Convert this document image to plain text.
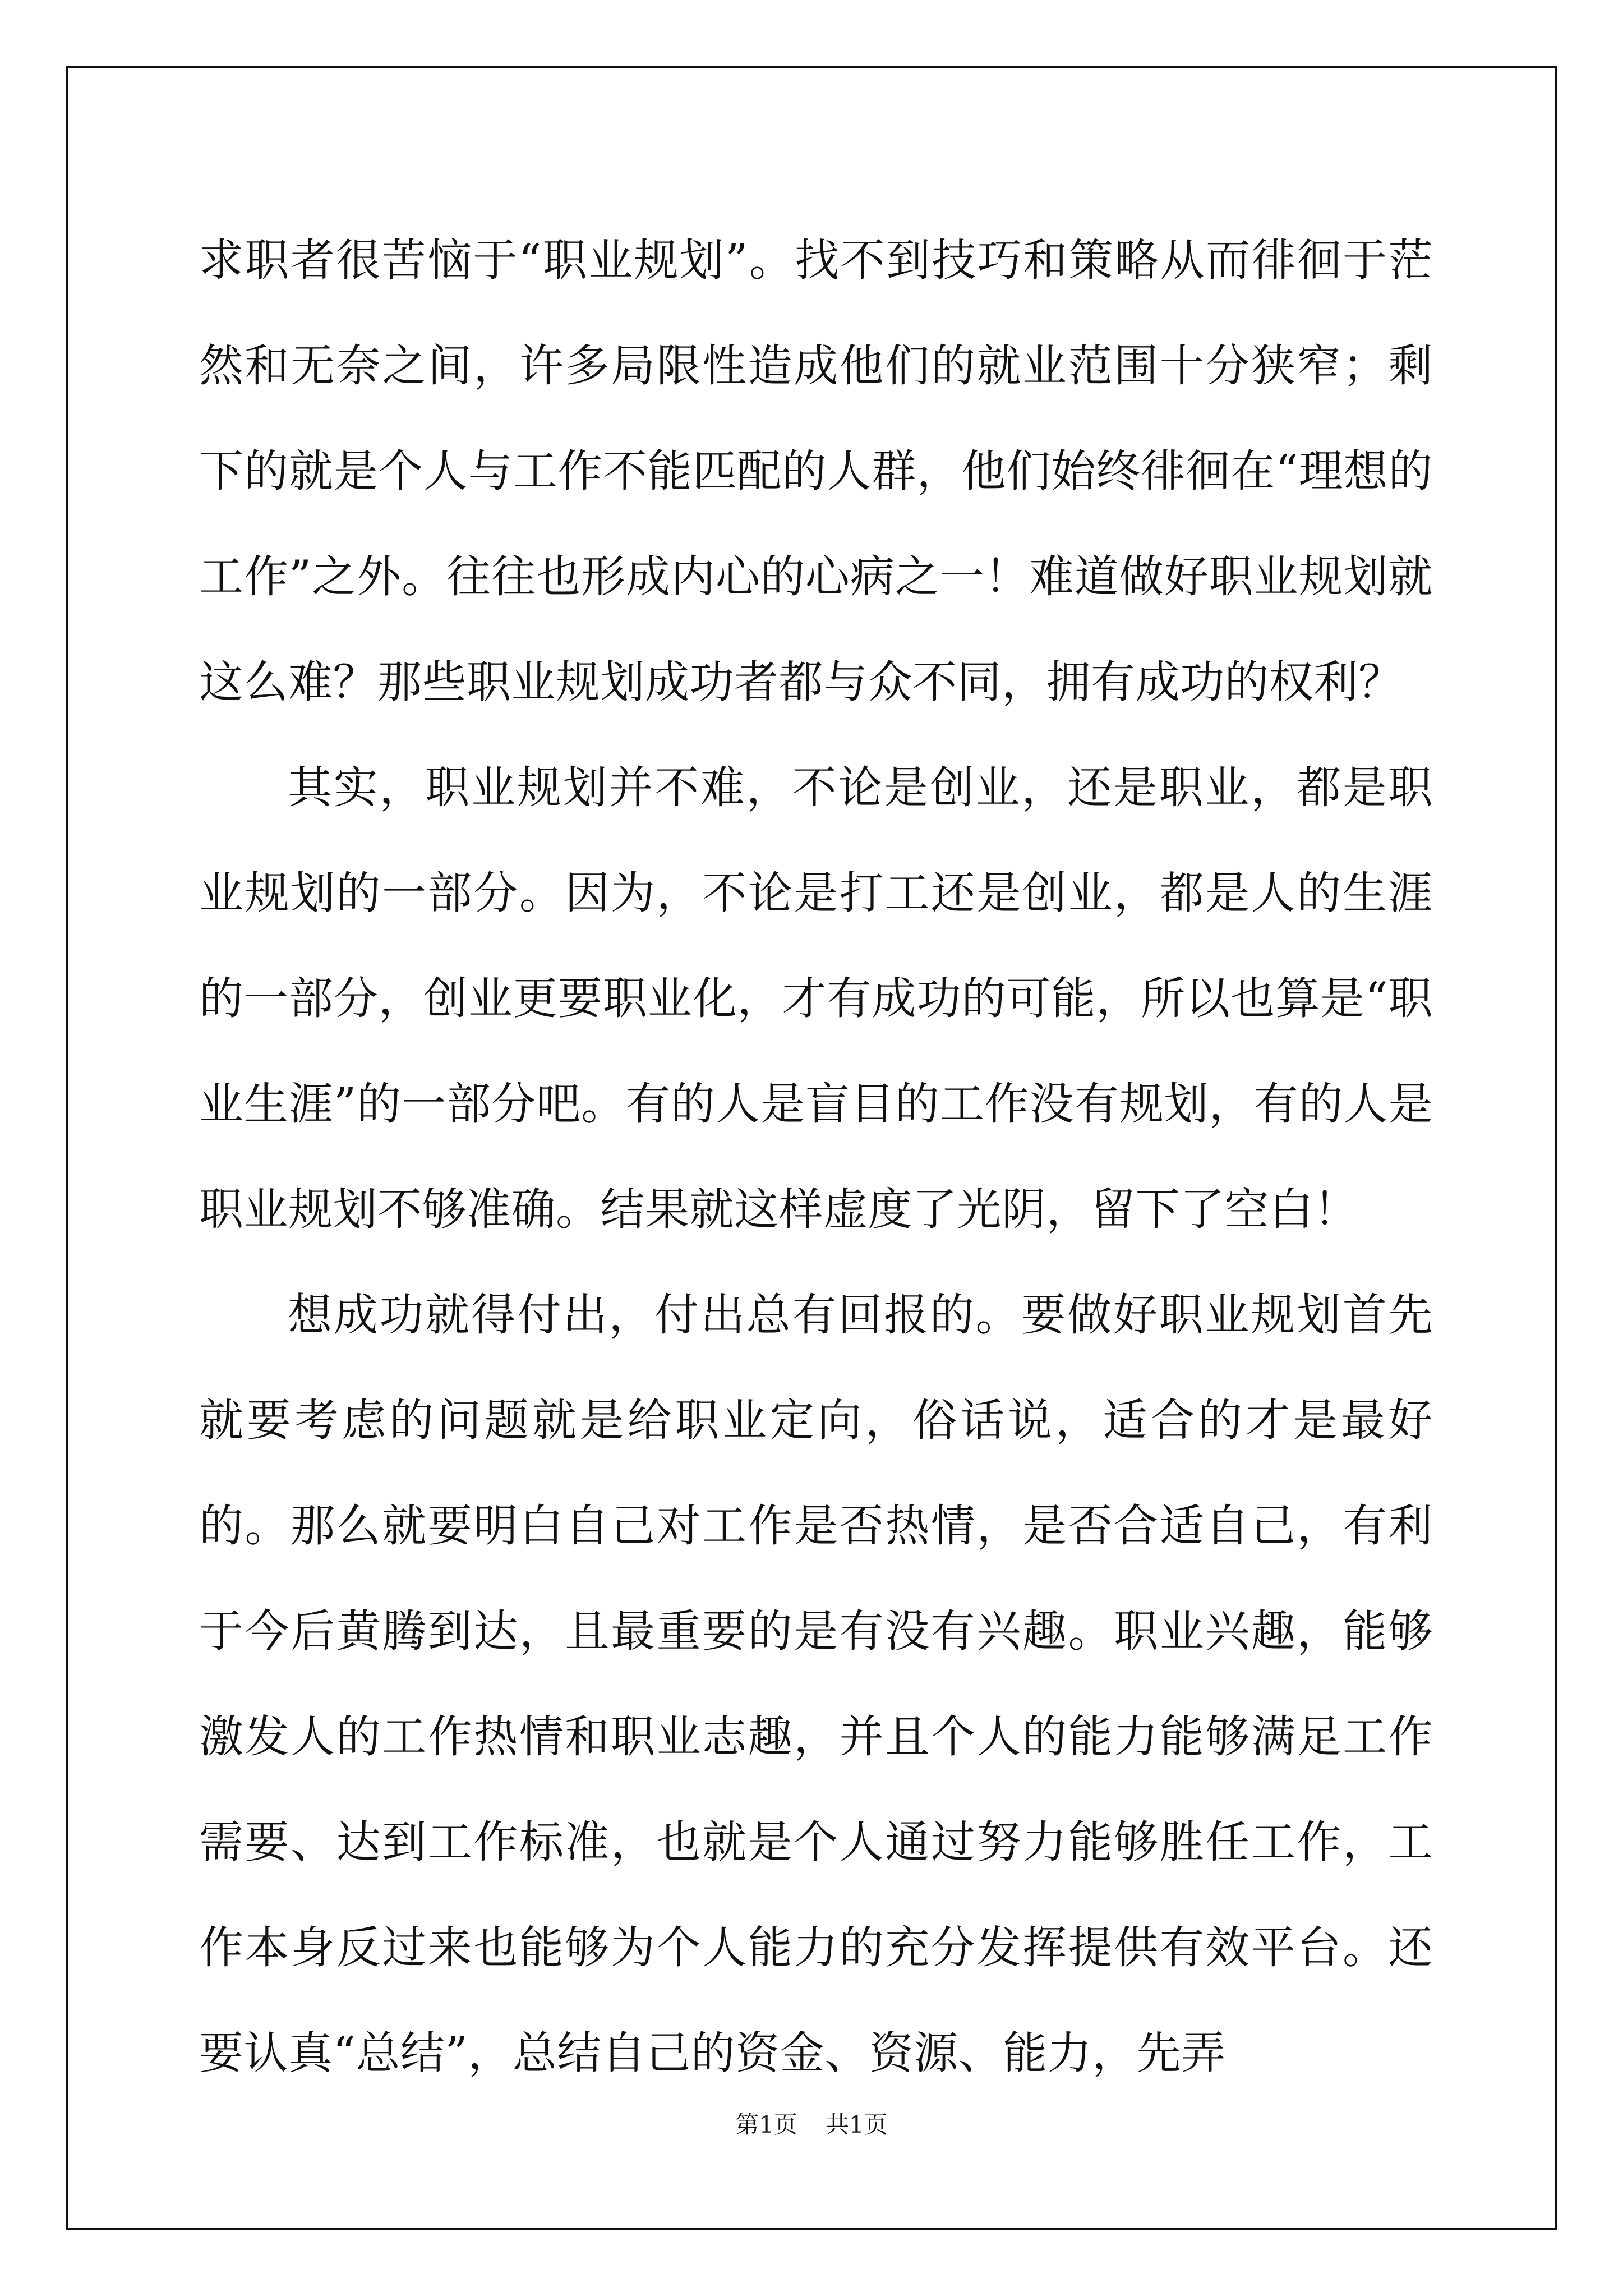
求职者很苦恼于“职业规划”。找不到技巧和策略从而徘徊于茫然和无奈之间，许多局限性造成他们的就业范围十分狭窄；剩下的就是个人与工作不能匹配的人群，他们始终徘徊在“理想的工作”之外。往往也形成内心的心病之一！难道做好职业规划就这么难？那些职业规划成功者都与众不同，拥有成功的权利？

其实，职业规划并不难，不论是创业，还是职业，都是职业规划的一部分。因为，不论是打工还是创业，都是人的生涯的一部分，创业更要职业化，才有成功的可能，所以也算是“职业生涯”的一部分吧。有的人是盲目的工作没有规划，有的人是职业规划不够准确。结果就这样虚度了光阴，留下了空白！

想成功就得付出，付出总有回报的。要做好职业规划首先就要考虑的问题就是给职业定向，俗话说，适合的才是最好的。那么就要明白自己对工作是否热情，是否合适自己，有利于今后黄腾到达，且最重要的是有没有兴趣。职业兴趣，能够激发人的工作热情和职业志趣，并且个人的能力能够满足工作需要、达到工作标准，也就是个人通过努力能够胜任工作，工作本身反过来也能够为个人能力的充分发挥提供有效平台。还要认真“总结”，总结自己的资金、资源、能力，先弄

第1页 共1页
